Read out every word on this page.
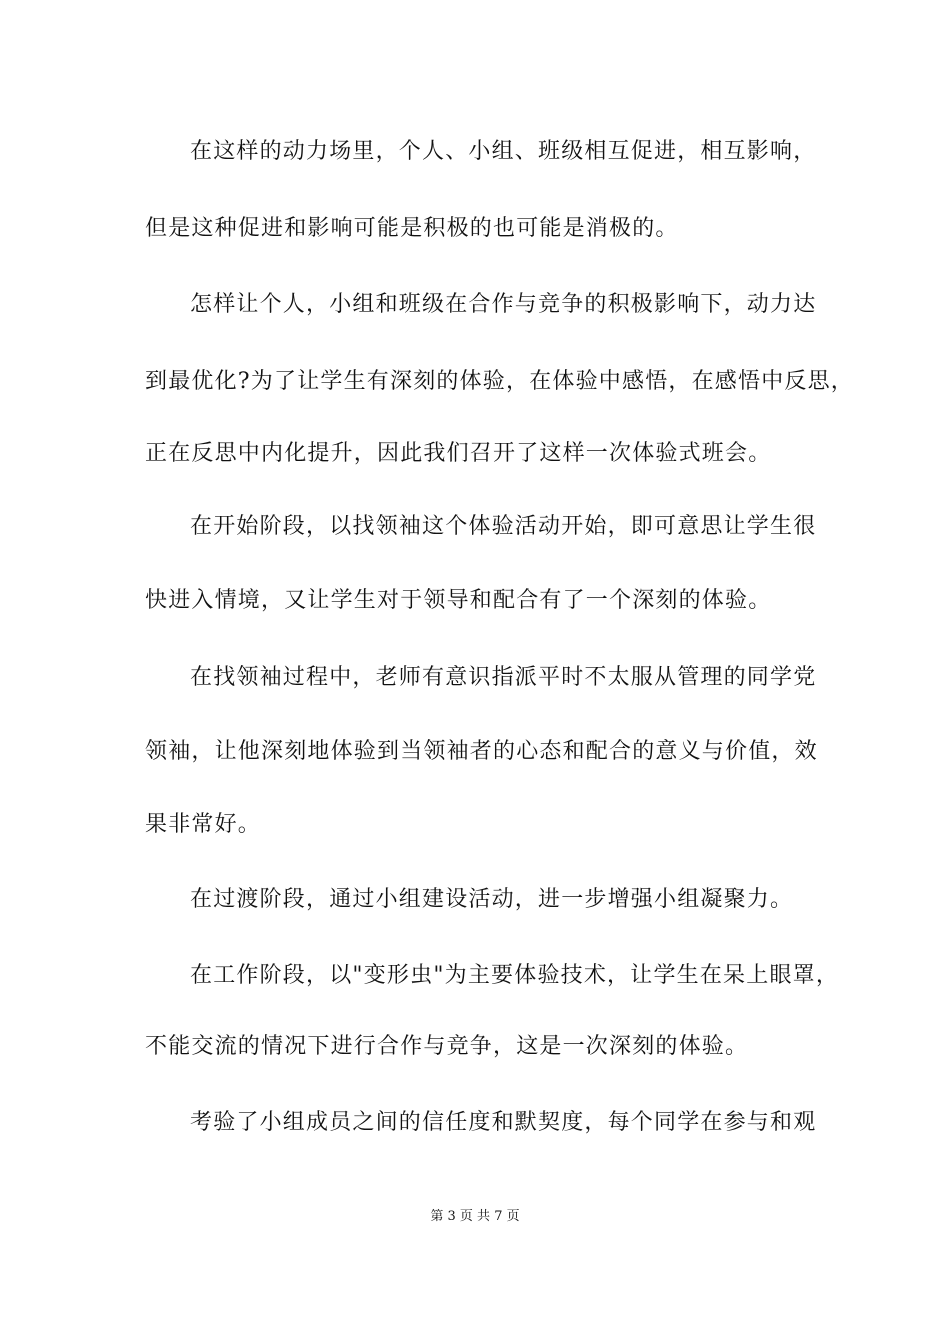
在这样的动力场里，个人、小组、班级相互促进，相互影响，
但是这种促进和影响可能是积极的也可能是消极的。
怎样让个人，小组和班级在合作与竞争的积极影响下，动力达
到最优化?为了让学生有深刻的体验，在体验中感悟，在感悟中反思，
正在反思中内化提升，因此我们召开了这样一次体验式班会。
在开始阶段，以找领袖这个体验活动开始，即可意思让学生很
快进入情境，又让学生对于领导和配合有了一个深刻的体验。
在找领袖过程中，老师有意识指派平时不太服从管理的同学党
领袖，让他深刻地体验到当领袖者的心态和配合的意义与价值，效
果非常好。
在过渡阶段，通过小组建设活动，进一步增强小组凝聚力。
在工作阶段，以"变形虫"为主要体验技术，让学生在呆上眼罩，
不能交流的情况下进行合作与竞争，这是一次深刻的体验。
考验了小组成员之间的信任度和默契度，每个同学在参与和观
第 3 页 共 7 页
